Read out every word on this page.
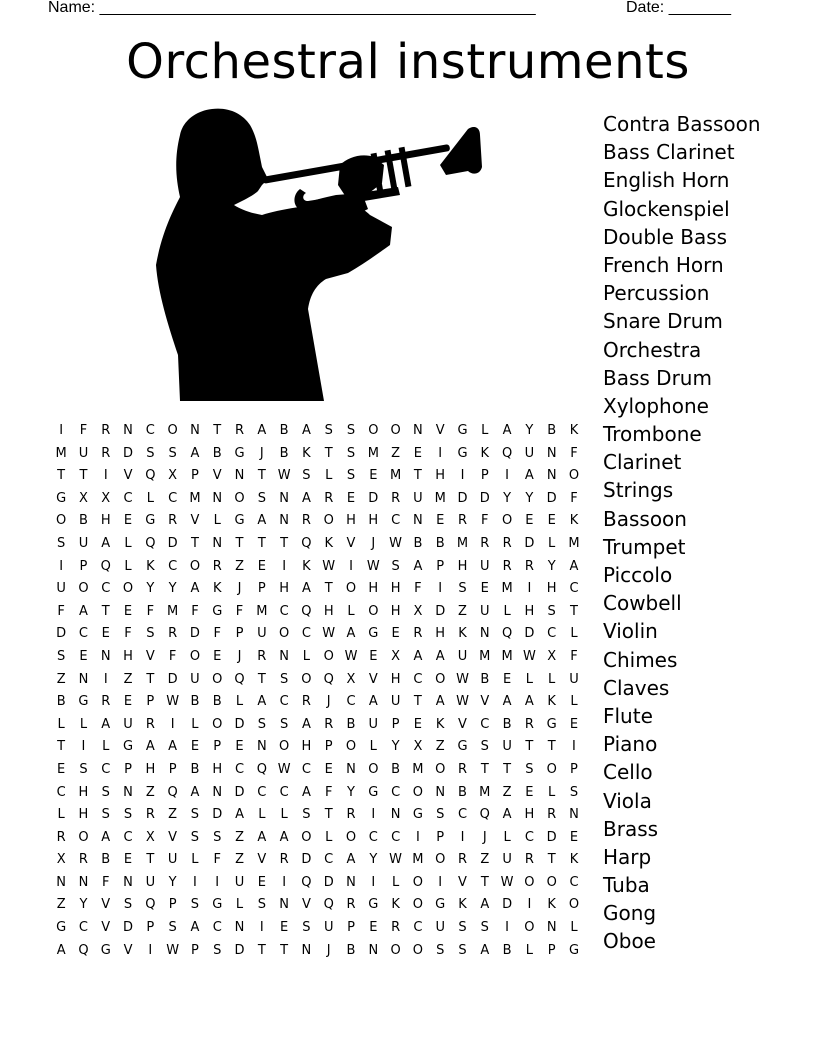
Name: _________________________________________________	Date: _______
Orchestral instruments
Contra Bassoon
Bass Clarinet
English Horn
Glockenspiel
Double Bass
French Horn
Percussion
Snare Drum
Orchestra
Bass Drum
Xylophone
Trombone
Clarinet
Strings
Bassoon
Trumpet
Piccolo
Cowbell
Violin
Chimes
Claves
Flute
Piano
Cello
Viola
Brass
Harp
Tuba
Gong
Oboe
I	F	R N C O N	T	R	A	B	A	S	S	O O N V G	L	A	Y	B	K
M U	R D	S	S	A	B G	J	B	K	T	S M Z	E	I	G K Q U N	F
T	T	I	V Q X	P	V N	T W S	L	S	E M T	H	I	P	I	A N O
G X	X	C	L	C M N O	S	N A	R	E	D R	U M D D	Y	Y	D	F
O B H	E	G R	V	L	G A N R O H H C N	E	R	F	O	E	E	K
S	U	A	L	Q D	T	N	T	T	T	Q K	V	J	W B	B M R	R D	L	M
I	P	Q	L	K	C O R	Z	E	I	K W	I	W S	A	P	H U	R	R	Y	A
U O C O	Y	Y	A	K	J	P	H A	T	O H H	F	I	S	E M	I	H C
F	A	T	E	F M F	G	F M C Q H	L	O H X D Z	U	L	H	S	T
D C	E	F	S	R D	F	P	U O C W A G	E	R H	K	N Q D C	L
S	E	N H V	F	O	E	J	R N	L	O W E	X	A	A	U M M W X	F
Z N	I	Z	T	D U O Q	T	S	O Q X	V H C O W B	E	L	L	U
B G R	E	P W B	B	L	A	C	R	J	C	A	U	T	A W V	A	A	K	L
L	L	A	U	R	I	L	O D	S	S	A	R	B	U	P	E	K	V	C	B	R G	E
T	I	L	G A	A	E	P	E	N O H	P	O	L	Y	X	Z G	S	U	T	T	I
E	S	C	P	H	P	B H C Q W C	E	N O B M O R	T	T	S	O	P
C H	S	N Z Q A N D C	C	A	F	Y	G C O N B M Z	E	L	S
L	H	S	S	R	Z	S	D A	L	L	S	T	R	I	N G	S	C Q A H R N
R O A	C	X	V	S	S	Z	A	A O	L	O C	C	I	P	I	J	L	C D	E
X	R	B	E	T	U	L	F	Z	V	R D C	A	Y W M O R	Z	U	R	T	K
N N	F	N U	Y	I	I	U	E	I	Q D N	I	L	O	I	V	T W O O C
Z	Y	V	S	Q	P	S	G	L	S	N V Q R G K O G K	A D	I	K O
G C	V D	P	S	A	C N	I	E	S	U	P	E	R	C	U	S	S	I	O N	L
A Q G V	I	W P	S	D	T	T	N	J	B N O O	S	S	A	B	L	P	G
